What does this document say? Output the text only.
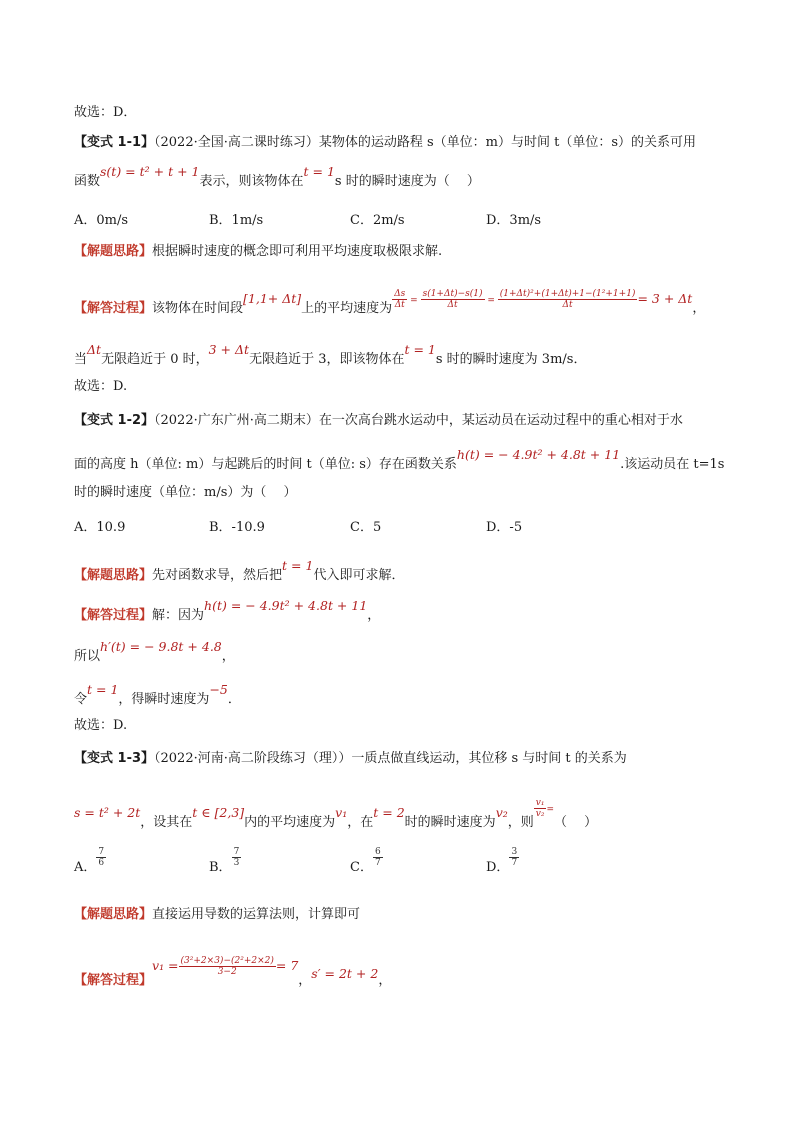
故选：D．
【变式 1-1】（2022·全国·高二课时练习）某物体的运动路程 s（单位：m）与时间 t（单位：s）的关系可用
函数s(t) = t² + t + 1表示，则该物体在t = 1s 时的瞬时速度为（　 ）
A．0m/s	B．1m/s	C．2m/s	D．3m/s
【解题思路】根据瞬时速度的概念即可利用平均速度取极限求解.
【解答过程】该物体在时间段[1,1+ Δt]上的平均速度为 $\frac{\Delta s}{\Delta t} = \frac{s(1+\Delta t)-s(1)}{\Delta t} = \frac{\text{(1+Δt)²+(1+Δt)+1−(1²+1+1)}}{\Delta t} = 3 + \Delta t$，
当Δt无限趋近于 0 时，3 + Δt无限趋近于 3，即该物体在t = 1s 时的瞬时速度为 3m/s．
故选：D.
【变式 1-2】（2022·广东广州·高二期末）在一次高台跳水运动中，某运动员在运动过程中的重心相对于水
面的高度 h（单位: m）与起跳后的时间 t（单位: s）存在函数关系h(t) = − 4.9t² + 4.8t + 11.该运动员在 t=1s
时的瞬时速度（单位：m/s）为（　 ）
A．10.9	B．-10.9	C．5	D．-5
【解题思路】先对函数求导，然后把t = 1代入即可求解．
【解答过程】解：因为h(t) = − 4.9t² + 4.8t + 11，
所以h′(t) = − 9.8t + 4.8，
令t = 1，得瞬时速度为−5．
故选：D.
【变式 1-3】（2022·河南·高二阶段练习（理））一质点做直线运动，其位移 s 与时间 t 的关系为
s = t² + 2t，设其在t ∈ [2,3]内的平均速度为v₁，在t = 2时的瞬时速度为v₂，则
$\frac{\text{v₁}}{\text{v₂}}$ =（　 ）
A． $\frac{7}{6}$	B． $\frac{7}{3}$	C． $\frac{6}{7}$	D． $\frac{3}{7}$
【解题思路】直接运用导数的运算法则，计算即可
【解答过程】$v_1 = \frac{\text{(3²+2×3)−(2²+2×2)}}{3-2} = 7$，s′ = 2t + 2，
